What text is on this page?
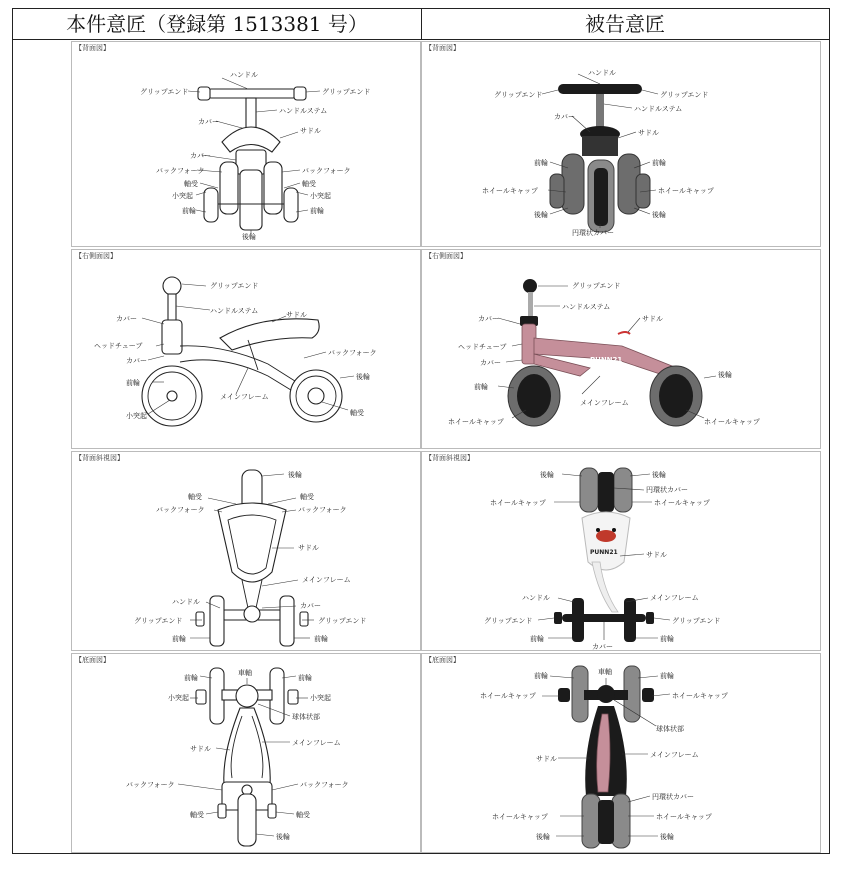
本件意匠（登録第 1513381 号）	被告意匠
【背面図】
ハンドル
グリップエンド	グリップエンド
ハンドルステム
カバー
サドル
カバー
バックフォーク	バックフォーク
軸受	軸受
小突起	小突起
前輪	前輪
後輪
【背面図】
ハンドル
グリップエンド	グリップエンド
ハンドルステム
カバー
サドル
前輪	前輪
ホイールキャップ	ホイールキャップ
後輪	後輪
円環状カバー
【右側面図】
グリップエンド
ハンドルステム
カバー	サドル
ヘッドチューブ
バックフォーク
カバー
後輪
前輪
メインフレーム
小突起	軸受
【右側面図】
PUNN21
グリップエンド
ハンドルステム
カバー	サドル
ヘッドチューブ
カバー
後輪
前輪
メインフレーム
ホイールキャップ	ホイールキャップ
【背面斜視図】
後輪
軸受	軸受
バックフォーク	バックフォーク
サドル
メインフレーム
ハンドル	カバー
グリップエンド	グリップエンド
前輪	前輪
【背面斜視図】
PUNN21
後輪	後輪
円環状カバー
ホイールキャップ	ホイールキャップ
サドル
ハンドル	メインフレーム
グリップエンド	グリップエンド
前輪	前輪
カバー
【底面図】
前輪
車軸
前輪
小突起	小突起
球体状部
サドル
メインフレーム
バックフォーク	バックフォーク
軸受	軸受
後輪
【底面図】
前輪	車軸	前輪
ホイールキャップ	ホイールキャップ
球体状部
サドル	メインフレーム
円環状カバー
ホイールキャップ	ホイールキャップ
後輪	後輪
